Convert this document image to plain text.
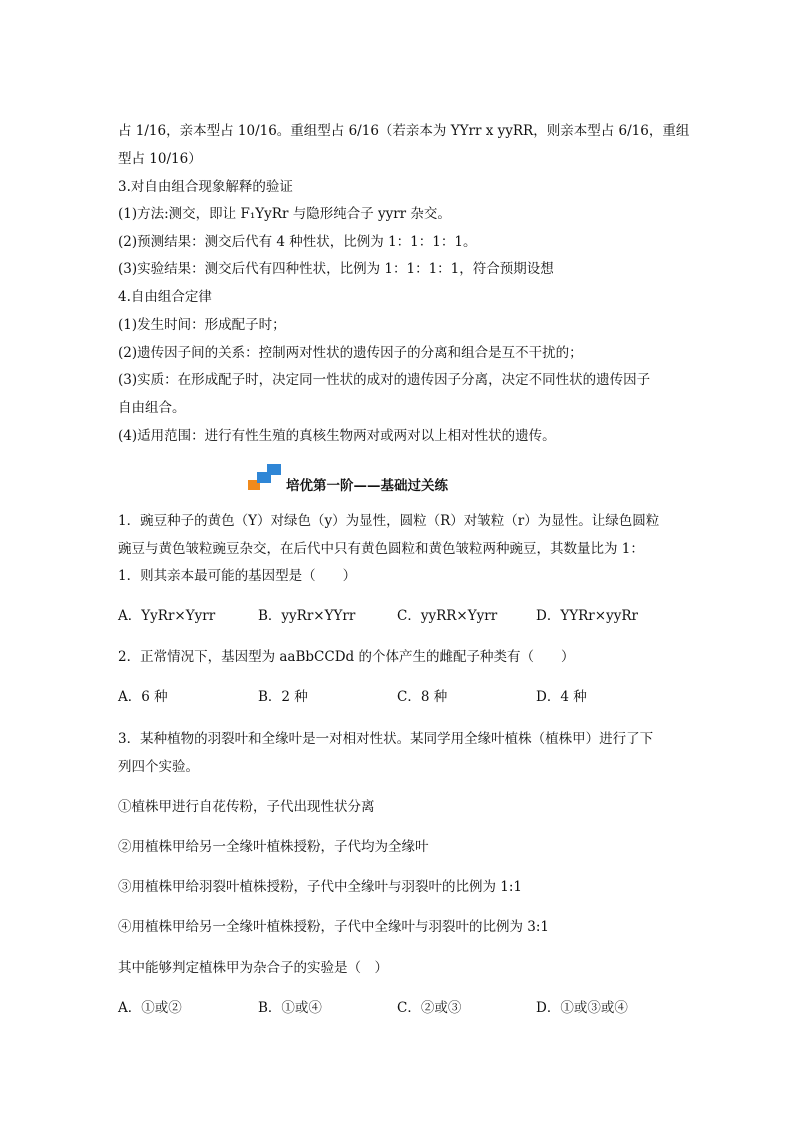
占 1/16，亲本型占 10/16。重组型占 6/16（若亲本为 YYrr x yyRR，则亲本型占 6/16，重组
型占 10/16）
3.对自由组合现象解释的验证
(1)方法:测交，即让 F₁YyRr 与隐形纯合子 yyrr 杂交。
(2)预测结果：测交后代有 4 种性状，比例为 1：1：1：1。
(3)实验结果：测交后代有四种性状，比例为 1：1：1：1，符合预期设想
4.自由组合定律
(1)发生时间：形成配子时；
(2)遗传因子间的关系：控制两对性状的遗传因子的分离和组合是互不干扰的；
(3)实质：在形成配子时，决定同一性状的成对的遗传因子分离，决定不同性状的遗传因子
自由组合。
(4)适用范围：进行有性生殖的真核生物两对或两对以上相对性状的遗传。
培优第一阶——基础过关练
1．豌豆种子的黄色（Y）对绿色（y）为显性，圆粒（R）对皱粒（r）为显性。让绿色圆粒
豌豆与黄色皱粒豌豆杂交，在后代中只有黄色圆粒和黄色皱粒两种豌豆，其数量比为 1：
1．则其亲本最可能的基因型是（　　）
A．YyRr×Yyrr	B．yyRr×YYrr	C．yyRR×Yyrr	D．YYRr×yyRr
2．正常情况下，基因型为 aaBbCCDd 的个体产生的雌配子种类有（　　）
A．6 种	B．2 种	C．8 种	D．4 种
3．某种植物的羽裂叶和全缘叶是一对相对性状。某同学用全缘叶植株（植株甲）进行了下
列四个实验。
①植株甲进行自花传粉，子代出现性状分离
②用植株甲给另一全缘叶植株授粉，子代均为全缘叶
③用植株甲给羽裂叶植株授粉，子代中全缘叶与羽裂叶的比例为 1:1
④用植株甲给另一全缘叶植株授粉，子代中全缘叶与羽裂叶的比例为 3:1
其中能够判定植株甲为杂合子的实验是（　）
A．①或②	B．①或④	C．②或③	D．①或③或④
